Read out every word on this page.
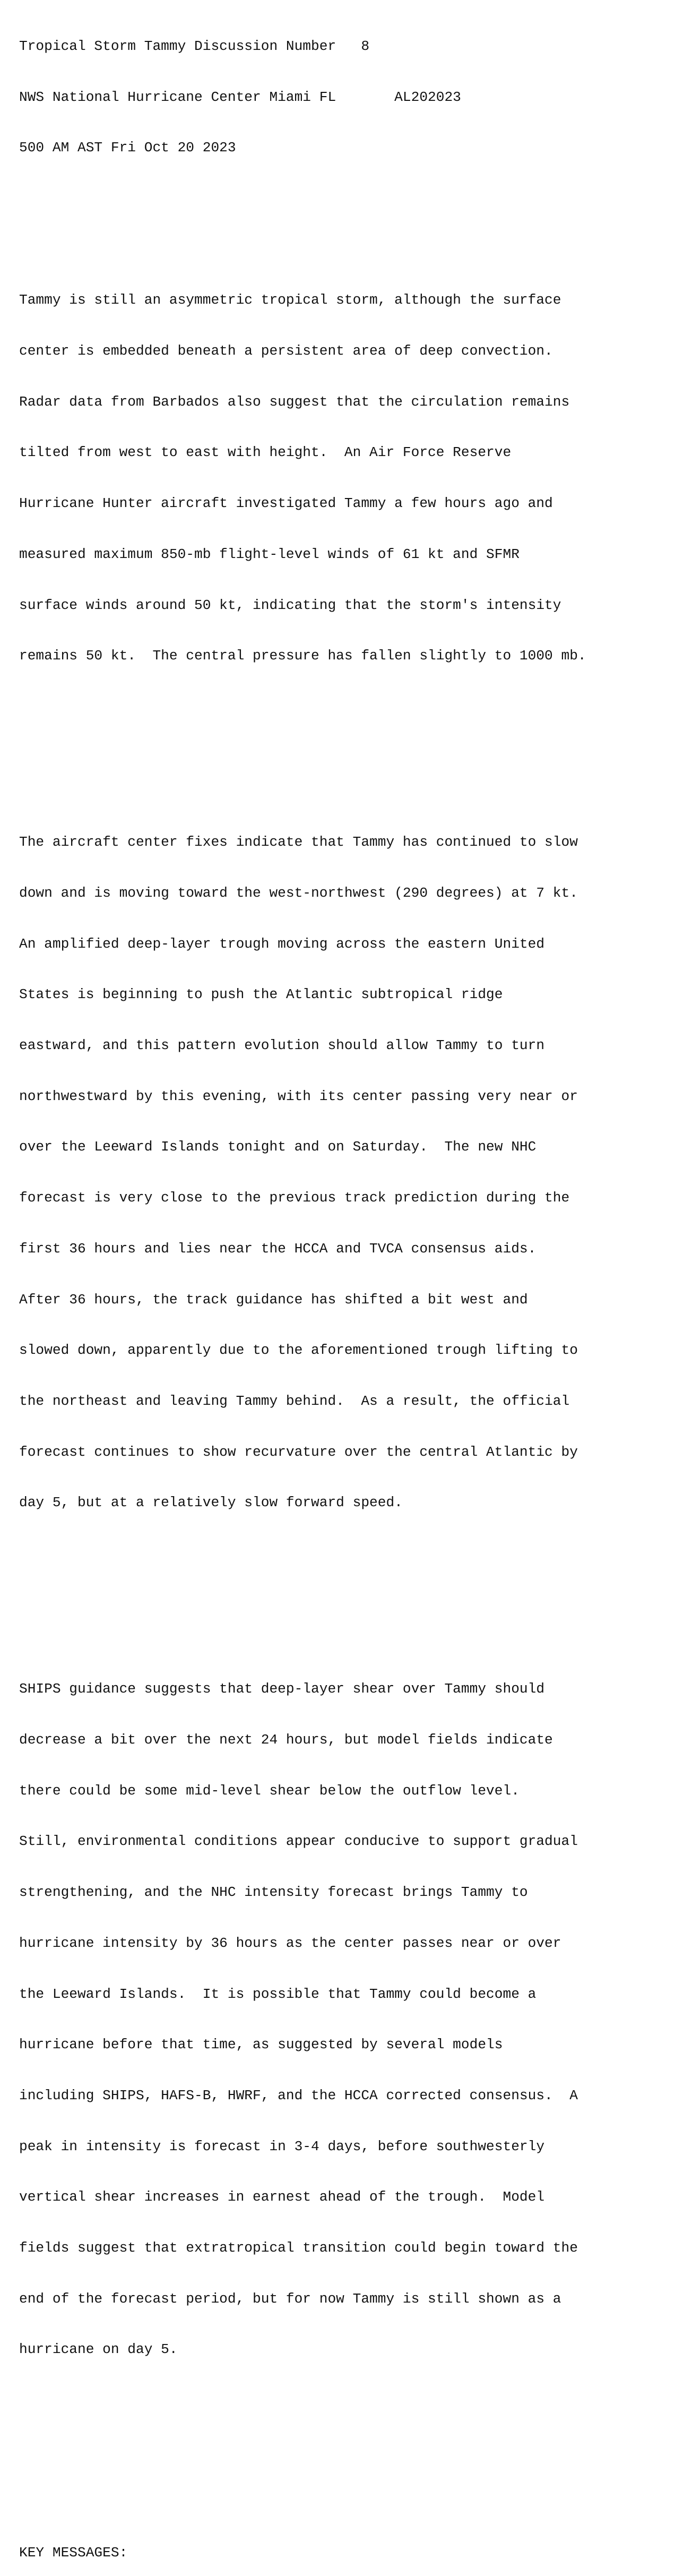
Tropical Storm Tammy Discussion Number   8

NWS National Hurricane Center Miami FL       AL202023

500 AM AST Fri Oct 20 2023

Tammy is still an asymmetric tropical storm, although the surface

center is embedded beneath a persistent area of deep convection.

Radar data from Barbados also suggest that the circulation remains

tilted from west to east with height.  An Air Force Reserve

Hurricane Hunter aircraft investigated Tammy a few hours ago and

measured maximum 850-mb flight-level winds of 61 kt and SFMR

surface winds around 50 kt, indicating that the storm's intensity

remains 50 kt.  The central pressure has fallen slightly to 1000 mb.

The aircraft center fixes indicate that Tammy has continued to slow

down and is moving toward the west-northwest (290 degrees) at 7 kt.

An amplified deep-layer trough moving across the eastern United

States is beginning to push the Atlantic subtropical ridge

eastward, and this pattern evolution should allow Tammy to turn

northwestward by this evening, with its center passing very near or

over the Leeward Islands tonight and on Saturday.  The new NHC

forecast is very close to the previous track prediction during the

first 36 hours and lies near the HCCA and TVCA consensus aids.

After 36 hours, the track guidance has shifted a bit west and

slowed down, apparently due to the aforementioned trough lifting to

the northeast and leaving Tammy behind.  As a result, the official

forecast continues to show recurvature over the central Atlantic by

day 5, but at a relatively slow forward speed.

SHIPS guidance suggests that deep-layer shear over Tammy should

decrease a bit over the next 24 hours, but model fields indicate

there could be some mid-level shear below the outflow level.

Still, environmental conditions appear conducive to support gradual

strengthening, and the NHC intensity forecast brings Tammy to

hurricane intensity by 36 hours as the center passes near or over

the Leeward Islands.  It is possible that Tammy could become a

hurricane before that time, as suggested by several models

including SHIPS, HAFS-B, HWRF, and the HCCA corrected consensus.  A

peak in intensity is forecast in 3-4 days, before southwesterly

vertical shear increases in earnest ahead of the trough.  Model

fields suggest that extratropical transition could begin toward the

end of the forecast period, but for now Tammy is still shown as a

hurricane on day 5.

KEY MESSAGES:
